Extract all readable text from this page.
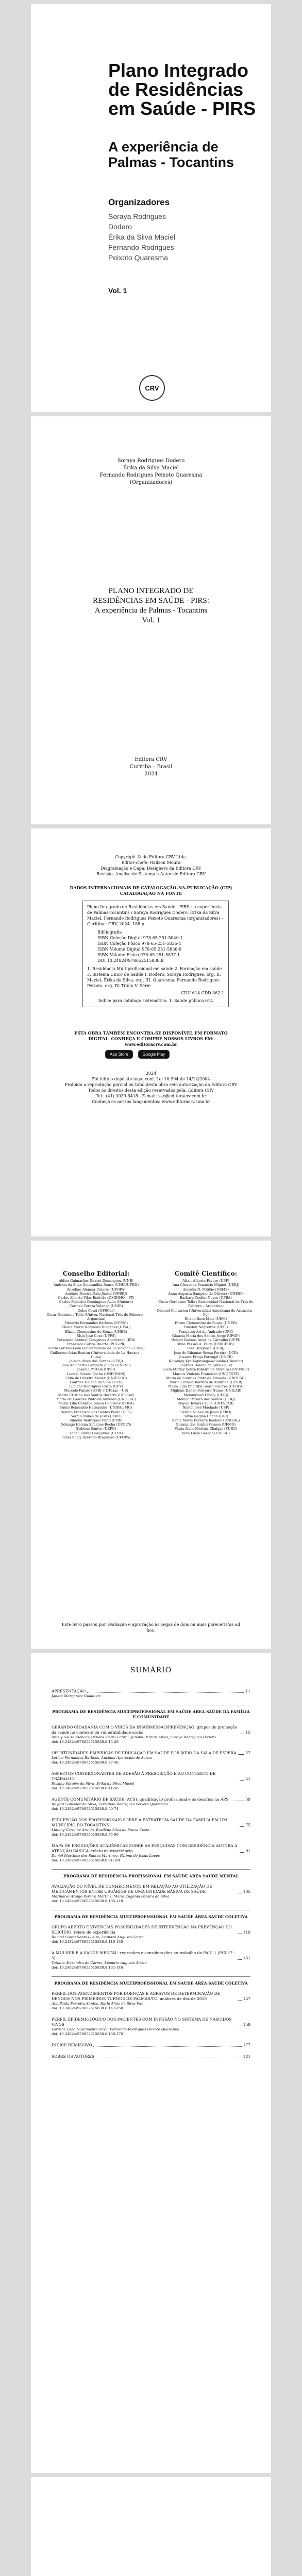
Plano Integrado de Residências em Saúde - PIRS
A experiência de Palmas - Tocantins
Organizadores
Soraya Rodrigues
Dodero
Érika da Silva Maciel
Fernando Rodrigues
Peixoto Quaresma
Vol. 1
CRV
Soraya Rodrigues Dodero
Érika da Silva Maciel
Fernando Rodrigues Peixoto Quaresma
(Organizadores)
PLANO INTEGRADO DE
RESIDÊNCIAS EM SAÚDE - PIRS:
A experiência de Palmas - Tocantins
Vol. 1
Editora CRV
Curitiba – Brasil
2024
Copyright © da Editora CRV Ltda.
Editor-chefe: Railson Moura
Diagramação e Capa: Designers da Editora CRV
Revisão: Analise de Sistema e Autor de Editora CRV
DADOS INTERNACIONAIS DE CATALOGAÇÃO-NA-PUBLICAÇÃO (CIP) CATALOGAÇÃO NA FONTE

Plano Integrado de Residências em Saúde - PIRS : a experiência de Palmas-Tocantins / Soraya Rodrigues Dodero, Érika da Silva Maciel, Fernando Rodrigues Peixoto Quaresma (organizadores) – Curitiba : CRV, 2024. 188 p.

Bibliografia
ISBN Coleção Digital 978-65-251-5840-1
ISBN Coleção Físico 978-65-251-5836-4
ISBN Volume Digital 978-65-251-5838-8
ISBN Volume Físico 978-65-251-5837-1
DOI 10.24824/978652515838.8

1. Residência Multiprofissional em saúde 2. Formação em saúde 3. Sistema Único de Saúde I. Dodero, Soraya Rodrigues. org. II. Maciel, Érika da Silva. org. III. Quaresma, Fernando Rodrigues Peixoto. org. IV. Título V. Série

CDU 614 CDD 362.1

Índice para catálogo sistemático: 1. Saúde pública 614

ESTA OBRA TAMBÉM ENCONTRA-SE DISPONÍVEL EM FORMATO DIGITAL. CONHEÇA E COMPRE NOSSOS LIVROS EM: www.editoracrv.com.br
App Store	Google Play
2024
Foi feito o depósito legal conf. Lei 10.994 de 14/12/2004
Proibida a reprodução parcial ou total desta obra sem autorização da Editora CRV
Todos os direitos desta edição reservados pela: Editora CRV
Tel.: (41) 3039-6418 - E-mail: sac@editoracrv.com.br
Conheça os nossos lançamentos: www.editoracrv.com.br
Conselho Editorial:
Aldira Guimarães Duarte Domínguez (UNB)
Andréia da Silva Quintanilha Sousa (UNIR/UFRN)
Anselmo Alencar Colares (UFOPA)
Antônio Pereira Gaio Júnior (UFRRJ)
Carlos Alberto Vilar Estêvão (UMINHO – PT)
Carlos Federico Dominguez Avila (Unieuro)
Carmen Tereza Velanga (UNIR)
Celso Conti (UFSCar)
Cesar Gerónimo Tello (Univer. Nacional Três de Febrero – Argentina)
Eduardo Fernandes Barbosa (UFMG)
Elione Maria Nogueira Diogenes (UFAL)
Elizeu Clementino de Souza (UNEB)
Élsio José Corá (UFFS)
Fernando Antônio Gonçalves Alcoforado (IPB)
Francisco Carlos Duarte (PUC-PR)
Gloria Fariñas León (Universidade de La Havana – Cuba)
Guillermo Arias Beatón (Universidade de La Havana – Cuba)
Jailson Alves dos Santos (UFRJ)
João Adalberto Campato Junior (UNESP)
Josania Portela (UFPI)
Leonel Severo Rocha (UNISINOS)
Lídia de Oliveira Xavier (UNIEURO)
Lourdes Helena da Silva (UFV)
Luciano Rodrigues Costa (UFV)
Marcelo Paixão (UFRJ e UTexas – US)
Maria Cristina dos Santos Bezerra (UFSCar)
Maria de Lourdes Pinto de Almeida (UNOESC)
Maria Lília Imbiriba Sousa Colares (UFOPA)
Paulo Romualdo Hernandes (UNIFAL-MG)
Renato Francisco dos Santos Paula (UFG)
Sérgio Nunes de Jesus (IFRO)
Simone Rodrigues Pinto (UNB)
Solange Helena Ximenes-Rocha (UFOPA)
Sydione Santos (UEPG)
Tadeu Oliver Gonçalves (UFPA)
Tania Suely Azevedo Brasileiro (UFOPA)
Comitê Científico:
Altair Alberto Fávero (UPF)
Ana Chrystina Venancio Mignot (UERJ)
Andréia N. Militão (UEMS)
Anna Augusta Sampaio de Oliveira (UNESP)
Barbara Coelho Neves (UFBA)
Cesar Gerónimo Tello (Universidad Nacional de Três de Febrero – Argentina)
Diosnel Centurion (Universidad Americana de Asunción – Py)
Eliane Rose Maio (UEM)
Elizeu Clementino de Souza (UNEB)
Fauston Negreiros (UFPI)
Francisco Ari de Andrade (UFC)
Gláucia Maria dos Santos Jorge (UFOP)
Helder Buenos Aires de Carvalho (UFPI)
Ilma Passos A. Veiga (UNICEUB)
Inês Bragança (UERJ)
José de Ribamar Sousa Pereira (UCB)
Jussara Fraga Portugal (UNEB)
Kilwangy Kya Kapitango-a-Samba (Unemat)
Lourdes Helena da Silva (UFV)
Lucia Marisy Souza Ribeiro de Oliveira (UNIVASF)
Marcos Vinicius Francisco (UNOESTE)
Maria de Lourdes Pinto de Almeida (UNOESC)
Maria Eurácia Barreto de Andrade (UFRB)
Maria Lília Imbiriba Sousa Colares (UFOPA)
Míghian Danae Ferreira Nunes (UNILAB)
Mohammed Elhajji (UFRJ)
Mônica Pereira dos Santos (UFRJ)
Najela Tavares Ujiie (UNESPAR)
Nilson José Machado (USP)
Sérgio Nunes de Jesus (IFRO)
Silvia Regina Canan (URI)
Sonia Maria Ferreira Koehler (UNISAL)
Suzana dos Santos Gomes (UFMG)
Vânia Alves Martins Chaigar (FURG)
Vera Lucia Gaspar (UDESC)
Este livro passou por avaliação e aprovação às cegas de dois ou mais pareceristas ad hoc.
SUMÁRIO
APRESENTAÇÃO	11
Janete Margarete Gualdieri
PROGRAMA DE RESIDÊNCIA MULTIPROFISSIONAL EM SAÚDE ÁREA SAÚDE DA FAMÍLIA E COMUNIDADE
GERANDO CIDADANIA COM O VÍRUS DA INSUBMISSÃO/PREVENÇÃO: grupos de promoção da saúde no contexto de vulnerabilidade social	15
Aniely Sousa Alencar, Débora Vieira Cabral, Juliana Pereira Alves, Soraya Rodrigues Dodero
doi: 10.24824/978652515838.8.15-26
OPORTUNIDADES EMPÍRICAS DE EDUCAÇÃO EM SAÚDE POR MEIO DA SALA DE ESPERA 27
Letícia Fernandes Barbosa, Luciana Aparecida de Souza
doi: 10.24824/978652515838.8.27-40
ASPECTOS CONDICIONANTES DE ADESÃO À PRESCRIÇÃO E AO CONTEXTO DE TRABALHO	41
Rosany Saraiva da Silva, Érika da Silva Maciel
doi: 10.24824/978652515838.8.41-58
AGENTE COMUNITÁRIO DE SAÚDE (ACS): qualificação profissional e os desafios na APS	59
Rayara Salvador da Silva, Fernando Rodrigues Peixoto Quaresma
doi: 10.24824/978652515838.8.59-74
PERCEPÇÃO DOS PROFISSIONAIS SOBRE A ESTRATÉGIA SAÚDE DA FAMÍLIA EM UM MUNICÍPIO DO TOCANTINS	75
Lidiany Caroline Araújo, Rosilene Silva de Souza Costa
doi: 10.24824/978652515838.8.75-90
MAPA DE PRODUÇÕES ACADÊMICAS SOBRE AS PESQUISAS COM RESIDÊNCIA AUTORA A ATENÇÃO BÁSICA: relato de experiência	91
Daniel Martinez dos Santos Martinez, Fátima de Jesus Lopes
doi: 10.24824/978652515838.8.91-104
PROGRAMA DE RESIDÊNCIA PROFISSIONAL EM SAÚDE ÁREA SAÚDE MENTAL
AVALIAÇÃO DO NÍVEL DE CONHECIMENTO EM RELAÇÃO AO UTILIZAÇÃO DE MEDICAMENTOS ENTRE USUÁRIOS DE UMA UNIDADE BÁSICA DE SAÚDE	105
Marinalva Araújo Pereira Martins, Maria Eugênia Pereira da Silva
doi: 10.24824/978652515838.8.105-118
PROGRAMA DE RESIDÊNCIA MULTIPROFISSIONAL EM SAÚDE ÁREA SAÚDE COLETIVA
GRUPO ABERTO E VIVÊNCIAS POSSIBILIDADES DE INTERVENÇÃO NA PREVENÇÃO DO SUICÍDIO: relato de experiência	119
Raquel Souza Santos Leite, Leandro Augusto Souza
doi: 10.24824/978652515838.8.119-130
A MULHER E A SAÚDE MENTAL: reproches e considerações ao trabalho da PAIC 1 (ECI 17-3)	131
Tatiana Alexandra do Carmo, Leandro Augusto Souza
doi: 10.24824/978652515838.8.131-146
PROGRAMA DE RESIDÊNCIA MULTIPROFISSIONAL EM SAÚDE ÁREA SAÚDE COLETIVA
PERFIL DOS ATENDIMENTOS POR DOENÇAS E AGRAVOS DE DETERMINAÇÃO DE DENGUE NOS PRIMEIROS TURNOS DE PALMAS/TO: análises de dez de 2019	147
Ana Paula Ferreira Santos, Karla Aline da Silva Vaz
doi: 10.24824/978652515838.8.147-158
PERFIL EPIDEMIOLÓGICO DOS PACIENTES COM INFUSÃO NO SISTEMA DE NASCIDOS VIVOS	159
Lorrane Leão Nascimento Silva, Fernando Rodrigues Peixoto Quaresma
doi: 10.24824/978652515838.8.159-176
ÍNDICE REMISSIVO	177
SOBRE OS AUTORES	181
